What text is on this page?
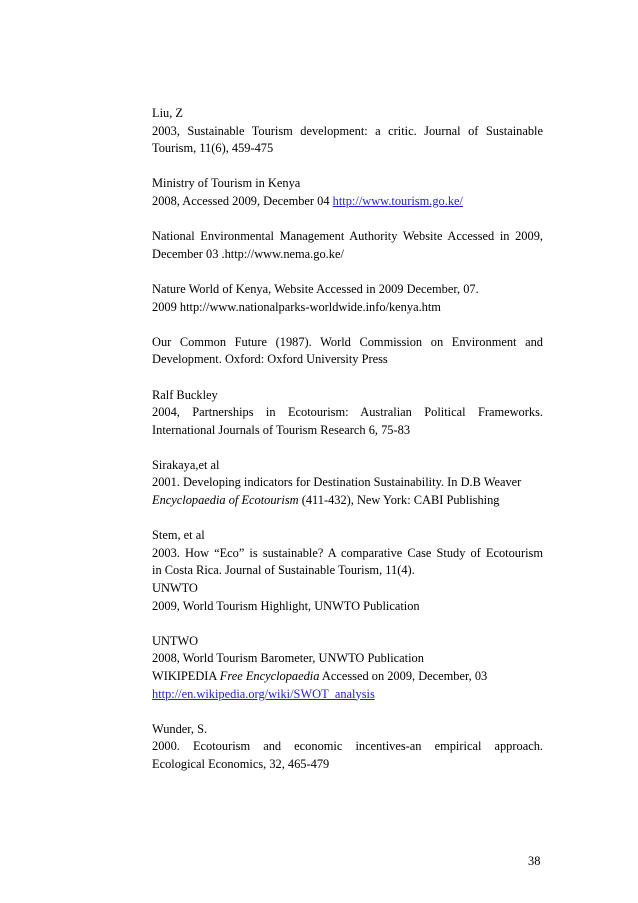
Liu, Z
2003, Sustainable Tourism development: a critic. Journal of Sustainable
Tourism, 11(6), 459-475
Ministry of Tourism in Kenya
2008, Accessed 2009, December 04 http://www.tourism.go.ke/
National Environmental Management Authority Website Accessed in 2009,
December 03 .http://www.nema.go.ke/
Nature World of Kenya, Website Accessed in 2009 December, 07.
2009 http://www.nationalparks-worldwide.info/kenya.htm
Our Common Future (1987). World Commission on Environment and
Development. Oxford: Oxford University Press
Ralf Buckley
2004, Partnerships in Ecotourism: Australian Political Frameworks.
International Journals of Tourism Research 6, 75-83
Sirakaya,et al
2001. Developing indicators for Destination Sustainability. In D.B Weaver
Encyclopaedia of Ecotourism (411-432), New York: CABI Publishing
Stem, et al
2003. How “Eco” is sustainable? A comparative Case Study of Ecotourism
in Costa Rica. Journal of Sustainable Tourism, 11(4).
UNWTO
2009, World Tourism Highlight, UNWTO Publication
UNTWO
2008, World Tourism Barometer, UNWTO Publication
WIKIPEDIA Free Encyclopaedia Accessed on 2009, December, 03
http://en.wikipedia.org/wiki/SWOT_analysis
Wunder, S.
2000. Ecotourism and economic incentives-an empirical approach.
Ecological Economics, 32, 465-479
38
